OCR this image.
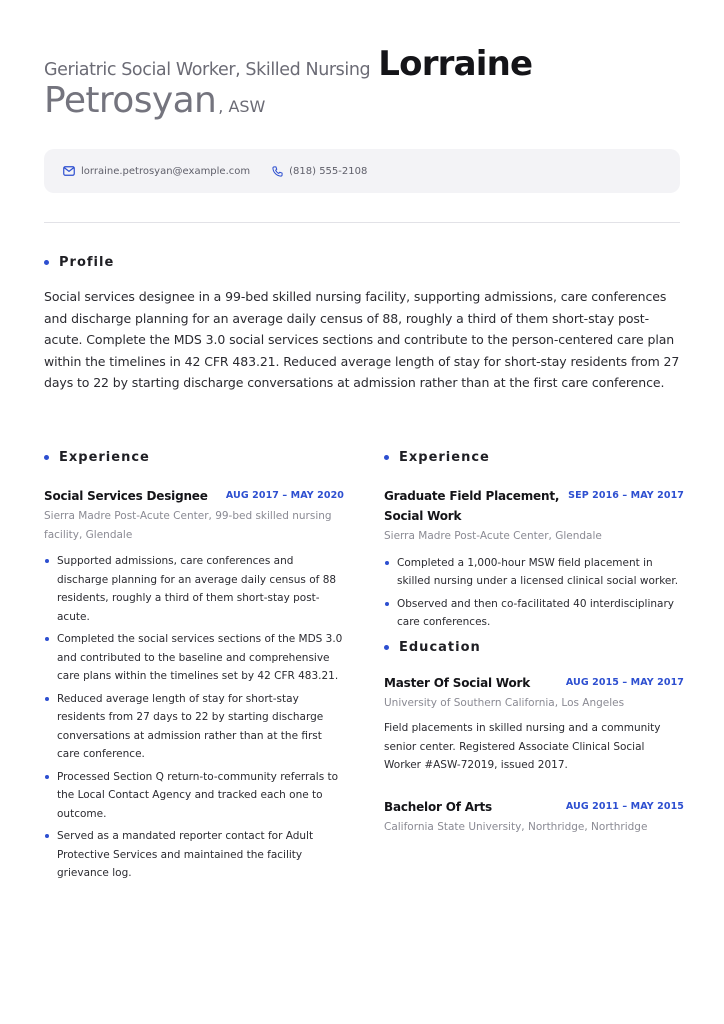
Geriatric Social Worker, Skilled Nursing Lorraine
Petrosyan , ASW
lorraine.petrosyan@example.com	(818) 555-2108
Profile

Social services designee in a 99-bed skilled nursing facility, supporting admissions, care conferences and discharge planning for an average daily census of 88, roughly a third of them short-stay post-acute. Complete the MDS 3.0 social services sections and contribute to the person-centered care plan within the timelines in 42 CFR 483.21. Reduced average length of stay for short-stay residents from 27 days to 22 by starting discharge conversations at admission rather than at the first care conference.

Experience
Social Services Designee AUG 2017 – MAY 2020
Sierra Madre Post-Acute Center, 99-bed skilled nursing facility, Glendale
Supported admissions, care conferences and discharge planning for an average daily census of 88 residents, roughly a third of them short-stay post-acute.
Completed the social services sections of the MDS 3.0 and contributed to the baseline and comprehensive care plans within the timelines set by 42 CFR 483.21.
Reduced average length of stay for short-stay residents from 27 days to 22 by starting discharge conversations at admission rather than at the first care conference.
Processed Section Q return-to-community referrals to the Local Contact Agency and tracked each one to outcome.
Served as a mandated reporter contact for Adult Protective Services and maintained the facility grievance log.
Experience
Graduate Field Placement, Social Work
SEP 2016 – MAY 2017
Sierra Madre Post-Acute Center, Glendale
Completed a 1,000-hour MSW field placement in skilled nursing under a licensed clinical social worker.
Observed and then co-facilitated 40 interdisciplinary care conferences.
Education
Master Of Social Work	AUG 2015 – MAY 2017
University of Southern California, Los Angeles

Field placements in skilled nursing and a community senior center. Registered Associate Clinical Social Worker #ASW-72019, issued 2017.

Bachelor Of Arts	AUG 2011 – MAY 2015
California State University, Northridge, Northridge
